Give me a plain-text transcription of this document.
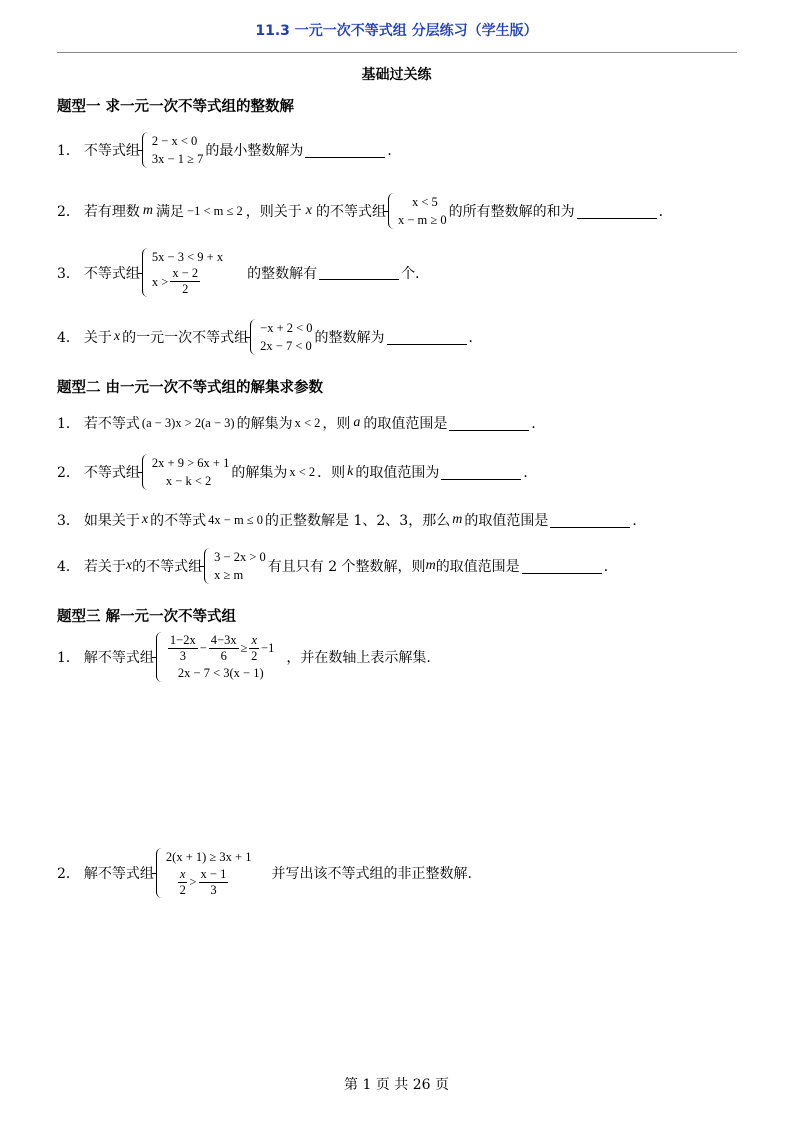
11.3 一元一次不等式组 分层练习（学生版）
基础过关练
题型一 求一元一次不等式组的整数解
1． 不等式组
2 − x < 0
3x − 1 ≥ 7 的最小整数解为	．
2． 若有理数 m 满足 −1 < m ≤ 2 ，则关于 x 的不等式组
x < 5
x − m ≥ 0 的所有整数解的和为	．
3． 不等式组
5x − 3 < 9 + x
$x > \frac{x - 2}{2}$	的整数解有	个．
4． 关于 x 的一元一次不等式组
−x + 2 < 0
2x − 7 < 0 的整数解为	．
题型二 由一元一次不等式组的解集求参数
1． 若不等式 (a − 3)x > 2(a − 3) 的解集为 x < 2 ，则 a 的取值范围是	．
2． 不等式组
2x + 9 > 6x + 1
x − k < 2	的解集为 x < 2 ．则 k 的取值范围为	．
3． 如果关于 x 的不等式 4x − m ≤ 0 的正整数解是 1、2、3，那么 m 的取值范围是	．
4． 若关于 x 的不等式组
3 − 2x > 0
x ≥ m	有且只有 2 个整数解，则 m 的取值范围是	．
题型三 解一元一次不等式组
1． 解不等式组 $\frac{1-2x}{3} - \frac{4-3x}{6} \ge \frac{x}{2} -1$
2x − 7 < 3(x − 1)
，并在数轴上表示解集.
2． 解不等式组
2(x + 1) ≥ 3x + 1
$\frac{x}{2} > \frac{x - 1}{3}$	并写出该不等式组的非正整数解.
第 1 页 共 26 页
